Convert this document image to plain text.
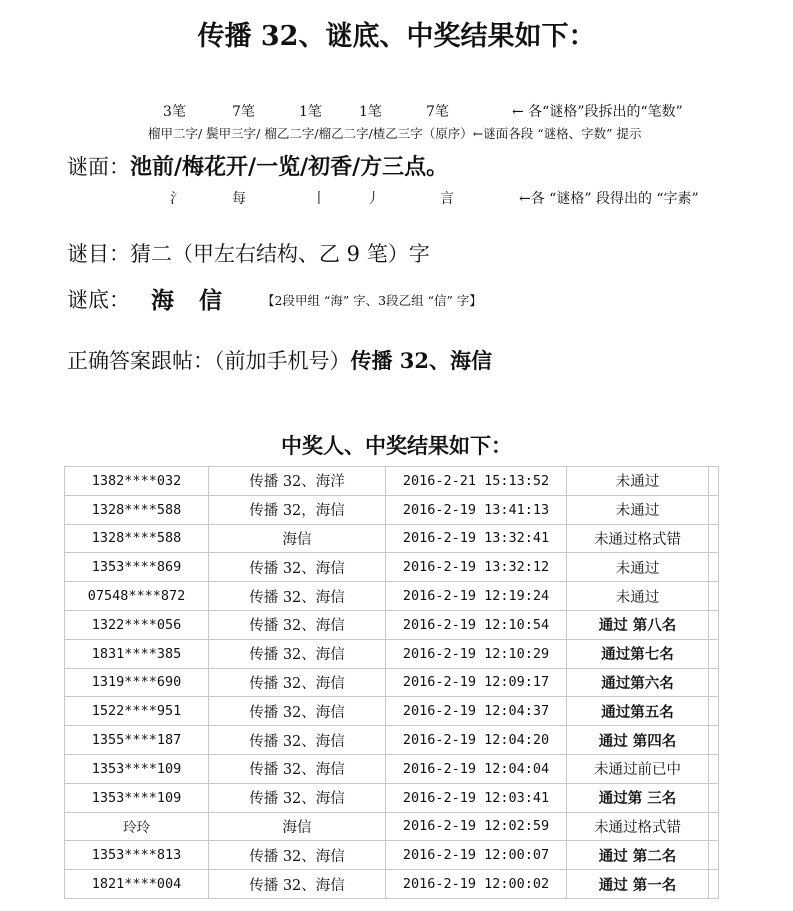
传播 32、谜底、中奖结果如下：
3笔	7笔	1笔	1笔	7笔	← 各“谜格”段拆出的“笔数”
榴甲二字/ 鬓甲三字/ 榴乙二字/榴乙二字/楂乙三字（原序）←谜面各段 “谜格、字数” 提示
谜面：池前/梅花开/一览/初香/方三点。
氵	每	丨	丿	言	←各 “谜格” 段得出的 “字素”
谜目：猜二（甲左右结构、乙 9 笔）字
谜底： 海 信	【2段甲组 “海” 字、3段乙组 “信” 字】
正确答案跟帖：（前加手机号）传播 32、海信
中奖人、中奖结果如下：
1382****032	传播 32、海洋	2016-2-21 15:13:52	未通过	
1328****588	传播 32，海信	2016-2-19 13:41:13	未通过	
1328****588	海信	2016-2-19 13:32:41	未通过格式错	
1353****869	传播 32、海信	2016-2-19 13:32:12	未通过	
07548****872	传播 32、海信	2016-2-19 12:19:24	未通过	
1322****056	传播 32、海信	2016-2-19 12:10:54	通过 第八名	
1831****385	传播 32、海信	2016-2-19 12:10:29	通过第七名	
1319****690	传播 32、海信	2016-2-19 12:09:17	通过第六名	
1522****951	传播 32、海信	2016-2-19 12:04:37	通过第五名	
1355****187	传播 32、海信	2016-2-19 12:04:20	通过 第四名	
1353****109	传播 32、海信	2016-2-19 12:04:04	未通过前已中	
1353****109	传播 32、海信	2016-2-19 12:03:41	通过第 三名	
玲玲	海信	2016-2-19 12:02:59	未通过格式错	
1353****813	传播 32、海信	2016-2-19 12:00:07	通过 第二名	
1821****004	传播 32、海信	2016-2-19 12:00:02	通过 第一名	
